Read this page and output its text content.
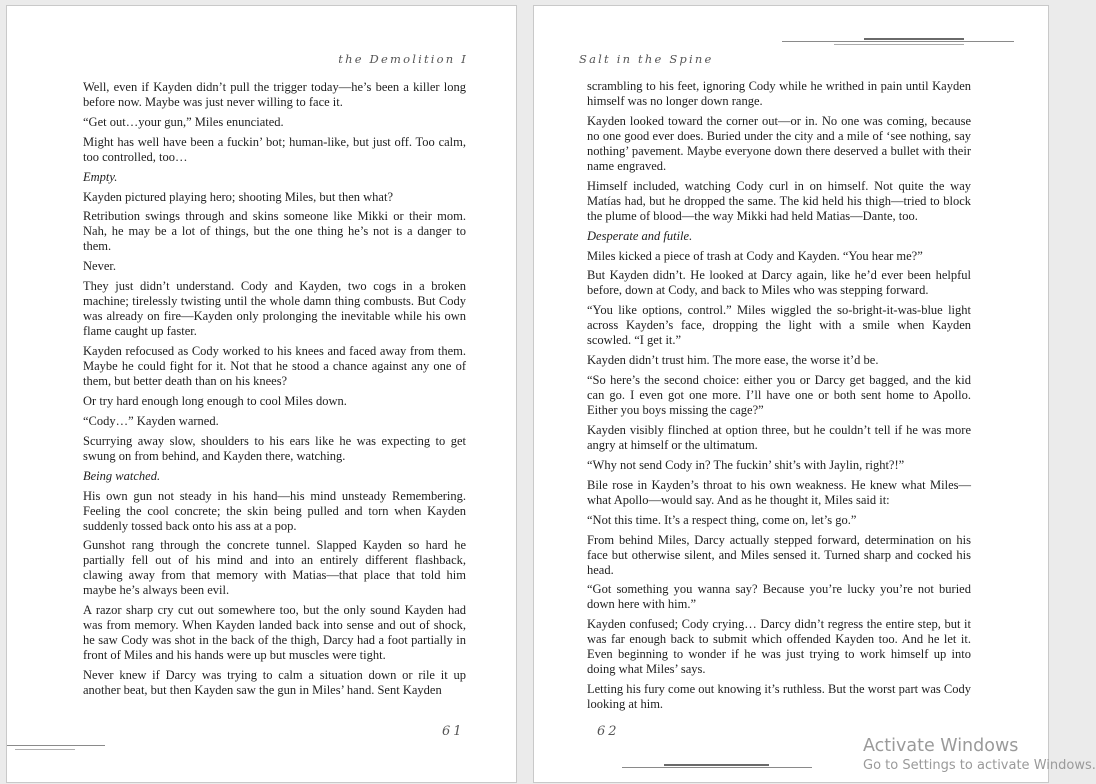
the Demolition I

Well, even if Kayden didn’t pull the trigger today—he’s been a killer long before now. Maybe was just never willing to face it.

“Get out…your gun,” Miles enunciated.

Might has well have been a fuckin’ bot; human-like, but just off. Too calm, too controlled, too…

Empty.

Kayden pictured playing hero; shooting Miles, but then what?

Retribution swings through and skins someone like Mikki or their mom. Nah, he may be a lot of things, but the one thing he’s not is a danger to them.

Never.

They just didn’t understand. Cody and Kayden, two cogs in a broken machine; tirelessly twisting until the whole damn thing combusts. But Cody was already on fire—Kayden only prolonging the inevitable while his own flame caught up faster.

Kayden refocused as Cody worked to his knees and faced away from them. Maybe he could fight for it. Not that he stood a chance against any one of them, but better death than on his knees?

Or try hard enough long enough to cool Miles down.

“Cody…” Kayden warned.

Scurrying away slow, shoulders to his ears like he was expecting to get swung on from behind, and Kayden there, watching.

Being watched.

His own gun not steady in his hand—his mind unsteady Remembering. Feeling the cool concrete; the skin being pulled and torn when Kayden suddenly tossed back onto his ass at a pop.

Gunshot rang through the concrete tunnel. Slapped Kayden so hard he partially fell out of his mind and into an entirely different flashback, clawing away from that memory with Matias—that place that told him maybe he’s always been evil.

A razor sharp cry cut out somewhere too, but the only sound Kayden had was from memory. When Kayden landed back into sense and out of shock, he saw Cody was shot in the back of the thigh, Darcy had a foot partially in front of Miles and his hands were up but muscles were tight.

Never knew if Darcy was trying to calm a situation down or rile it up another beat, but then Kayden saw the gun in Miles’ hand. Sent Kayden

61
Salt in the Spine

scrambling to his feet, ignoring Cody while he writhed in pain until Kayden himself was no longer down range.

Kayden looked toward the corner out—or in. No one was coming, because no one good ever does. Buried under the city and a mile of ‘see nothing, say nothing’ pavement. Maybe everyone down there deserved a bullet with their name engraved.

Himself included, watching Cody curl in on himself. Not quite the way Matías had, but he dropped the same. The kid held his thigh—tried to block the plume of blood—the way Mikki had held Matias—Dante, too.

Desperate and futile.

Miles kicked a piece of trash at Cody and Kayden. “You hear me?”

But Kayden didn’t. He looked at Darcy again, like he’d ever been helpful before, down at Cody, and back to Miles who was stepping forward.

“You like options, control.” Miles wiggled the so-bright-it-was-blue light across Kayden’s face, dropping the light with a smile when Kayden scowled. “I get it.”

Kayden didn’t trust him. The more ease, the worse it’d be.

“So here’s the second choice: either you or Darcy get bagged, and the kid can go. I even got one more. I’ll have one or both sent home to Apollo. Either you boys missing the cage?”

Kayden visibly flinched at option three, but he couldn’t tell if he was more angry at himself or the ultimatum.

“Why not send Cody in? The fuckin’ shit’s with Jaylin, right?!”

Bile rose in Kayden’s throat to his own weakness. He knew what Miles—what Apollo—would say. And as he thought it, Miles said it:

“Not this time. It’s a respect thing, come on, let’s go.”

From behind Miles, Darcy actually stepped forward, determination on his face but otherwise silent, and Miles sensed it. Turned sharp and cocked his head.

“Got something you wanna say? Because you’re lucky you’re not buried down here with him.”

Kayden confused; Cody crying… Darcy didn’t regress the entire step, but it was far enough back to submit which offended Kayden too. And he let it. Even beginning to wonder if he was just trying to work himself up into doing what Miles’ says.

Letting his fury come out knowing it’s ruthless. But the worst part was Cody looking at him.

62
Activate Windows
Go to Settings to activate Windows.
